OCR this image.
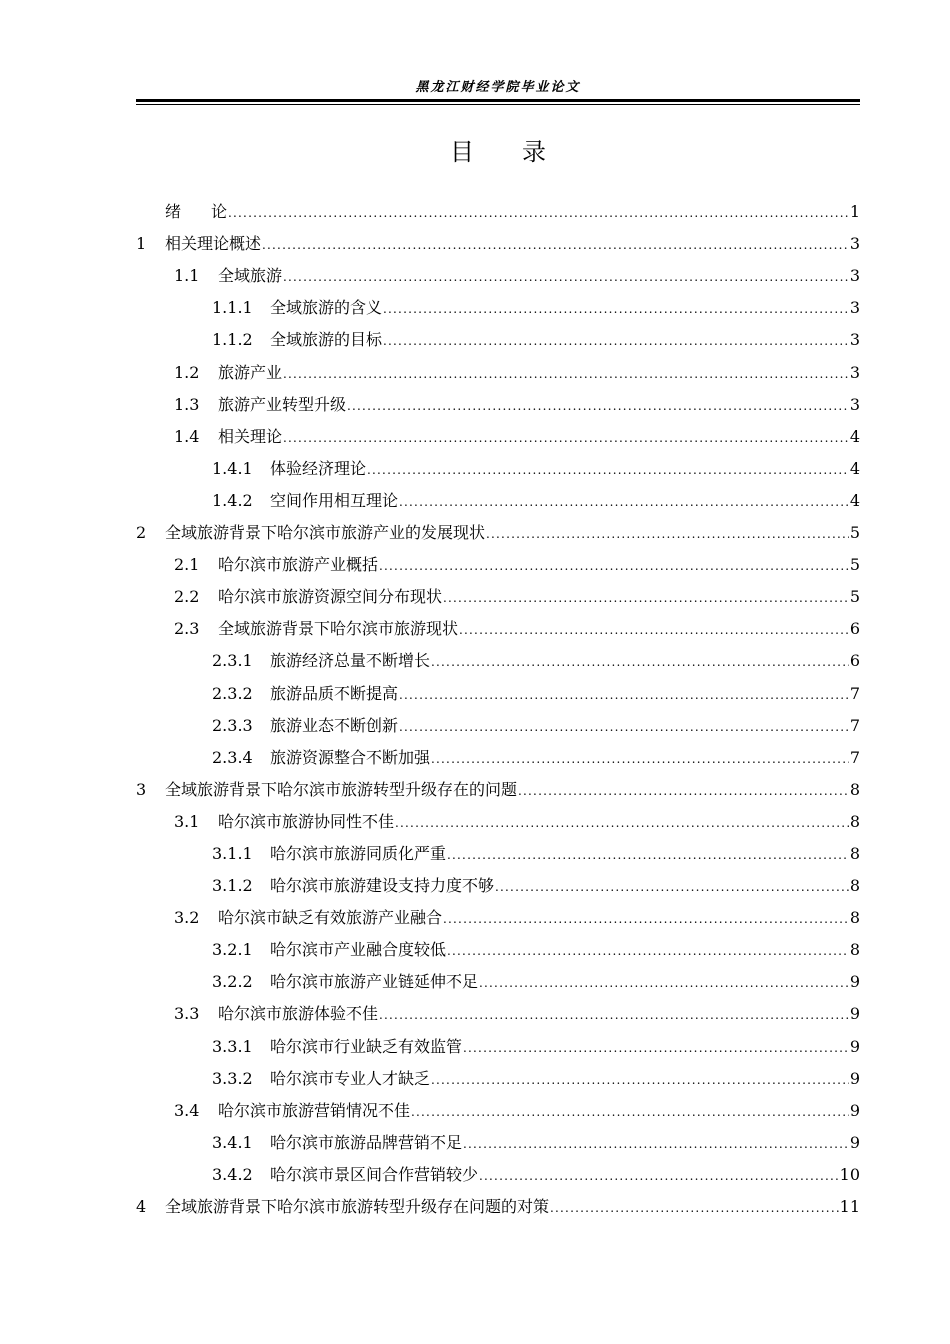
黑龙江财经学院毕业论文
目 录
绪论 .....	1
1	相关理论概述 .....	3
1.1	全域旅游 .....	3
1.1.1	全域旅游的含义 .....	3
1.1.2	全域旅游的目标 .....	3
1.2	旅游产业 .....	3
1.3	旅游产业转型升级 .....	3
1.4	相关理论 .....	4
1.4.1	体验经济理论 .....	4
1.4.2	空间作用相互理论 .....	4
2	全域旅游背景下哈尔滨市旅游产业的发展现状 .....	5
2.1	哈尔滨市旅游产业概括 .....	5
2.2	哈尔滨市旅游资源空间分布现状 .....	5
2.3	全域旅游背景下哈尔滨市旅游现状 .....	6
2.3.1	旅游经济总量不断增长 .....	6
2.3.2	旅游品质不断提高 .....	7
2.3.3	旅游业态不断创新 .....	7
2.3.4	旅游资源整合不断加强 .....	7
3	全域旅游背景下哈尔滨市旅游转型升级存在的问题 .....	8
3.1	哈尔滨市旅游协同性不佳 .....	8
3.1.1	哈尔滨市旅游同质化严重 .....	8
3.1.2	哈尔滨市旅游建设支持力度不够 .....	8
3.2	哈尔滨市缺乏有效旅游产业融合 .....	8
3.2.1	哈尔滨市产业融合度较低 .....	8
3.2.2	哈尔滨市旅游产业链延伸不足 .....	9
3.3	哈尔滨市旅游体验不佳 .....	9
3.3.1	哈尔滨市行业缺乏有效监管 .....	9
3.3.2	哈尔滨市专业人才缺乏 .....	9
3.4	哈尔滨市旅游营销情况不佳 .....	9
3.4.1	哈尔滨市旅游品牌营销不足 .....	9
3.4.2	哈尔滨市景区间合作营销较少 .....	10
4	全域旅游背景下哈尔滨市旅游转型升级存在问题的对策 .....	11
